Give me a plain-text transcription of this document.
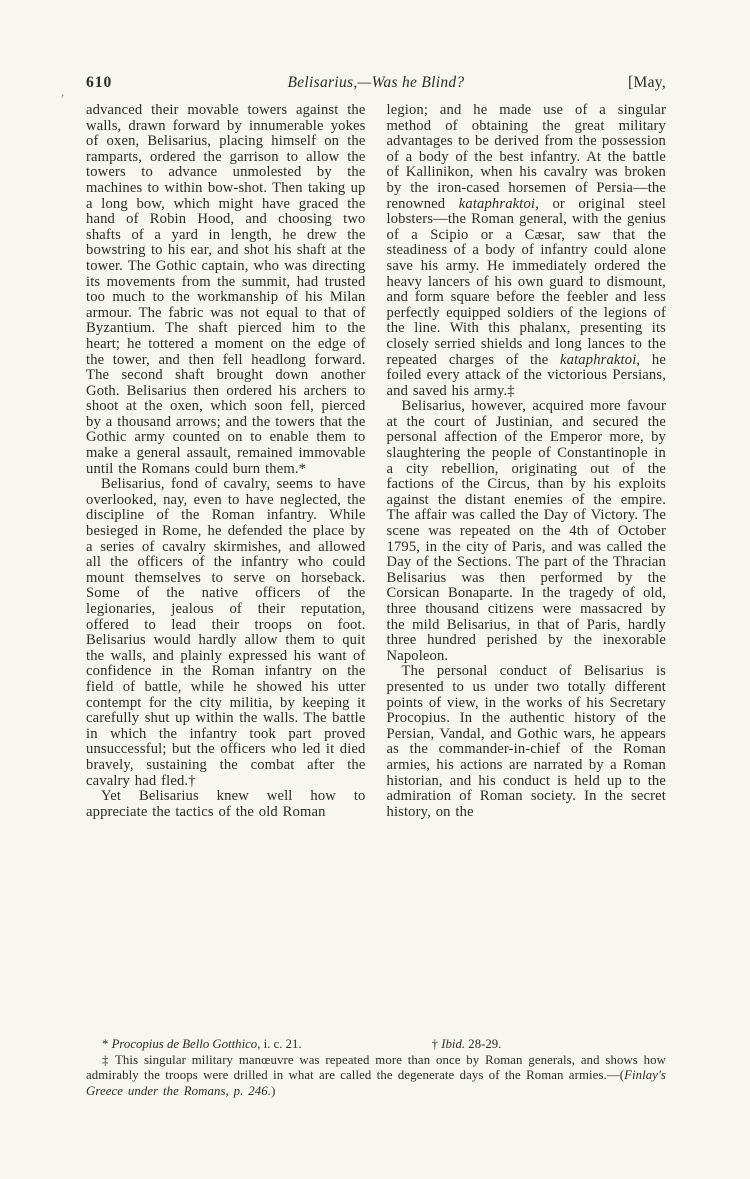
,
610	Belisarius,—Was he Blind?	[May,

advanced their movable towers against the walls, drawn forward by innumerable yokes of oxen, Belisarius, placing himself on the ramparts, ordered the garrison to allow the towers to advance unmolested by the machines to within bow-shot. Then taking up a long bow, which might have graced the hand of Robin Hood, and choosing two shafts of a yard in length, he drew the bowstring to his ear, and shot his shaft at the tower. The Gothic captain, who was directing its movements from the summit, had trusted too much to the workmanship of his Milan armour. The fabric was not equal to that of Byzantium. The shaft pierced him to the heart; he tottered a moment on the edge of the tower, and then fell headlong forward. The second shaft brought down another Goth. Belisarius then ordered his archers to shoot at the oxen, which soon fell, pierced by a thousand arrows; and the towers that the Gothic army counted on to enable them to make a general assault, remained immovable until the Romans could burn them.*

Belisarius, fond of cavalry, seems to have overlooked, nay, even to have neglected, the discipline of the Roman infantry. While besieged in Rome, he defended the place by a series of cavalry skirmishes, and allowed all the officers of the infantry who could mount themselves to serve on horseback. Some of the native officers of the legionaries, jealous of their reputation, offered to lead their troops on foot. Belisarius would hardly allow them to quit the walls, and plainly expressed his want of confidence in the Roman infantry on the field of battle, while he showed his utter contempt for the city militia, by keeping it carefully shut up within the walls. The battle in which the infantry took part proved unsuccessful; but the officers who led it died bravely, sustaining the combat after the cavalry had fled.†

Yet Belisarius knew well how to appreciate the tactics of the old Roman

legion; and he made use of a singular method of obtaining the great military advantages to be derived from the possession of a body of the best infantry. At the battle of Kallinikon, when his cavalry was broken by the iron-cased horsemen of Persia—the renowned kataphraktoi, or original steel lobsters—the Roman general, with the genius of a Scipio or a Cæsar, saw that the steadiness of a body of infantry could alone save his army. He immediately ordered the heavy lancers of his own guard to dismount, and form square before the feebler and less perfectly equipped soldiers of the legions of the line. With this phalanx, presenting its closely serried shields and long lances to the repeated charges of the kataphraktoi, he foiled every attack of the victorious Persians, and saved his army.‡

Belisarius, however, acquired more favour at the court of Justinian, and secured the personal affection of the Emperor more, by slaughtering the people of Constantinople in a city rebellion, originating out of the factions of the Circus, than by his exploits against the distant enemies of the empire. The affair was called the Day of Victory. The scene was repeated on the 4th of October 1795, in the city of Paris, and was called the Day of the Sections. The part of the Thracian Belisarius was then performed by the Corsican Bonaparte. In the tragedy of old, three thousand citizens were massacred by the mild Belisarius, in that of Paris, hardly three hundred perished by the inexorable Napoleon.

The personal conduct of Belisarius is presented to us under two totally different points of view, in the works of his Secretary Procopius. In the authentic history of the Persian, Vandal, and Gothic wars, he appears as the commander-in-chief of the Roman armies, his actions are narrated by a Roman historian, and his conduct is held up to the admiration of Roman society. In the secret history, on the

* Procopius de Bello Gotthico, i. c. 21.	† Ibid. 28-29.

‡ This singular military manœuvre was repeated more than once by Roman generals, and shows how admirably the troops were drilled in what are called the degenerate days of the Roman armies.—(Finlay's Greece under the Romans, p. 246.)
